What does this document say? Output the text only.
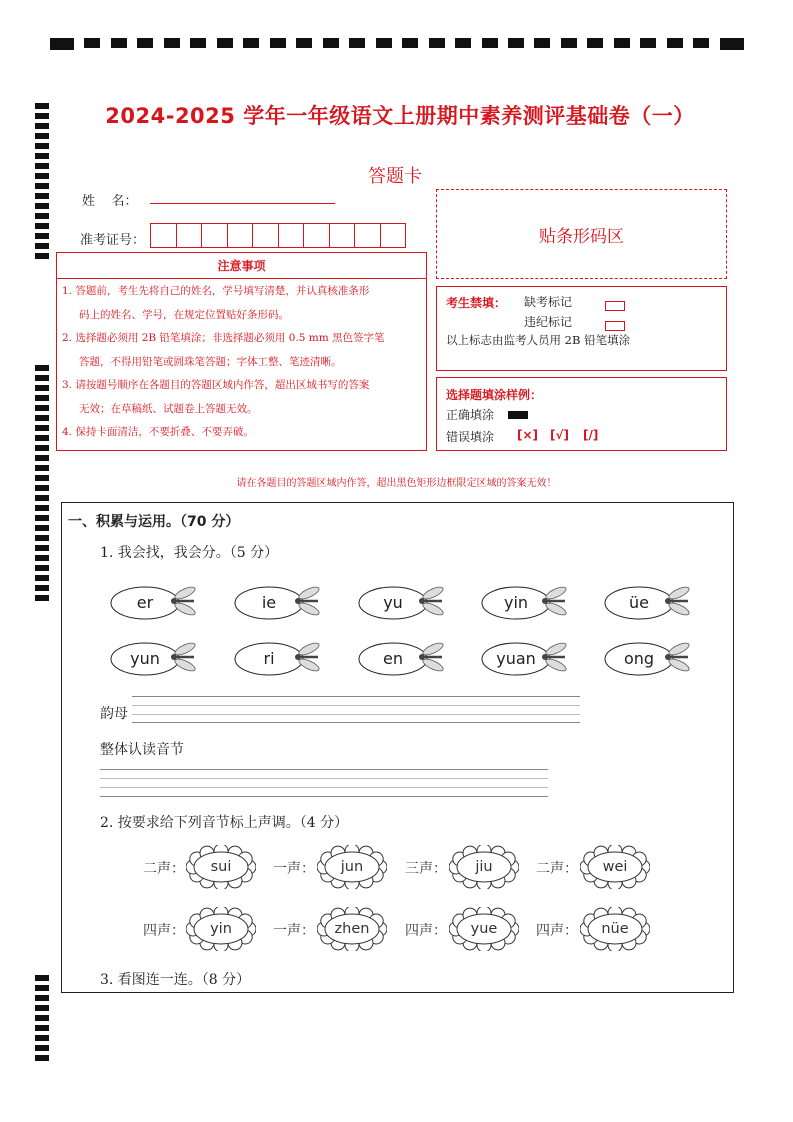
2024-2025 学年一年级语文上册期中素养测评基础卷（一）
答题卡
姓    名：
准考证号：	贴条形码区
注意事项
1. 答题前，考生先将自己的姓名，学号填写清楚，并认真核准条形
码上的姓名、学号，在规定位置贴好条形码。
2. 选择题必须用 2B 铅笔填涂；非选择题必须用 0.5 mm 黑色签字笔
答题，不得用铅笔或圆珠笔答题；字体工整、笔迹清晰。
3. 请按题号顺序在各题目的答题区域内作答，超出区域书写的答案
无效；在草稿纸、试题卷上答题无效。
4. 保持卡面清洁，不要折叠、不要弄破。
考生禁填： 缺考标记
违纪标记
以上标志由监考人员用 2B 铅笔填涂
选择题填涂样例：
正确填涂
错误填涂 [×] [√] [/]
请在各题目的答题区域内作答，超出黑色矩形边框限定区域的答案无效！
一、积累与运用。（70 分）
1. 我会找，我会分。（5 分）
er	ie	yu	yin	üe
yun	ri	en	yuan	ong
韵母
整体认读音节
2. 按要求给下列音节标上声调。（4 分）
二声：	sui	一声：	jun	三声：	jiu	二声：	wei
四声：	yin	一声：	zhen	四声：	yue	四声：	nüe
3. 看图连一连。（8 分）
